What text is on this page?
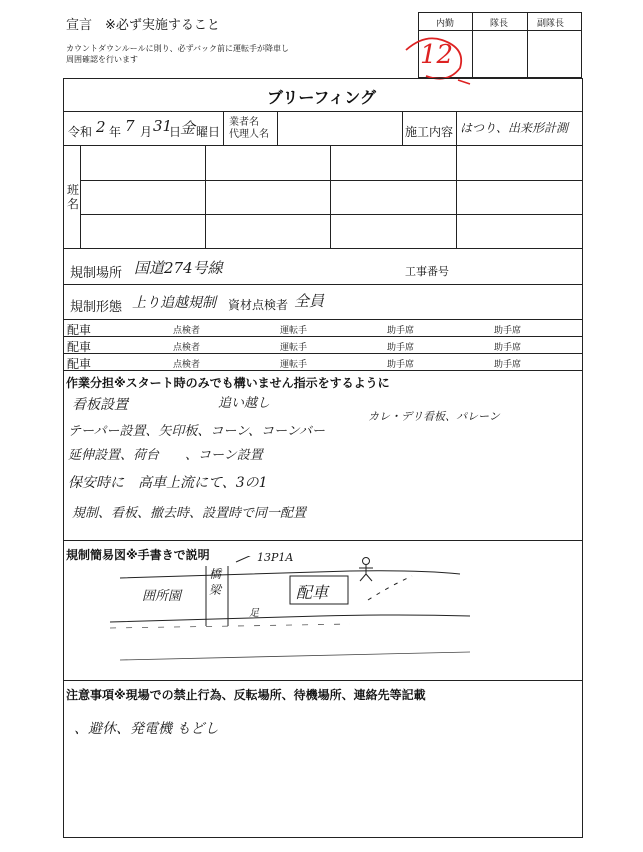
宣言　※必ず実施すること
カウントダウンルールに則り、必ずバック前に運転手が降車し
周囲確認を行います
内勤	隊長	副隊長
12
ブリーフィング
令和 2 年 7 月 31
日
金 曜日
業者名
代理人名	施工内容 はつり、出来形計測
班名
規制場所 国道274号線	工事番号
規制形態 上り追越規制 資材点検者 全員
配車	点検者	運転手	助手席	助手席
配車	点検者	運転手	助手席	助手席
配車	点検者	運転手	助手席	助手席
作業分担※スタート時のみでも構いません指示をするように
看板設置	追い越し
カレ・デリ看板、パレーン
テーパー設置、矢印板、コーン、コーンバー
延伸設置、荷台　　、コーン設置
保安時に　高車上流にて、3の1
規制、看板、撤去時、設置時で同一配置
規制簡易図※手書きで説明	13P1A
橋梁
囲所園	配車
足
注意事項※現場での禁止行為、反転場所、待機場所、連絡先等記載
、避休、発電機 もどし
